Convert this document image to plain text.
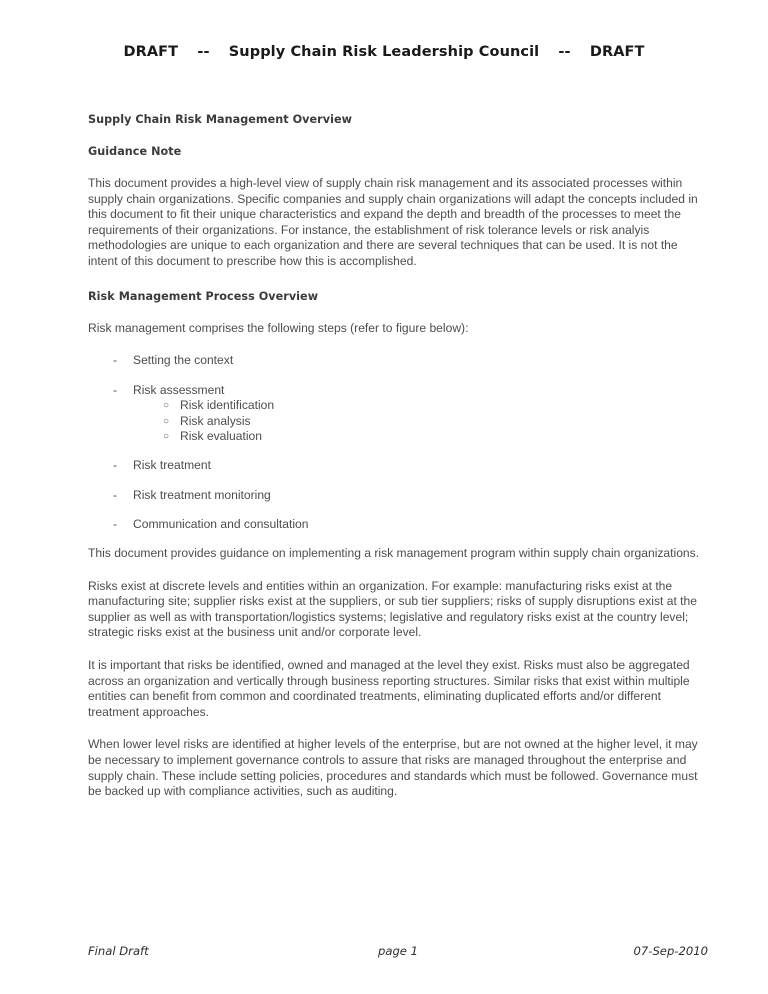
DRAFT -- Supply Chain Risk Leadership Council -- DRAFT
Supply Chain Risk Management Overview
Guidance Note

This document provides a high-level view of supply chain risk management and its associated processes within supply chain organizations. Specific companies and supply chain organizations will adapt the concepts included in this document to fit their unique characteristics and expand the depth and breadth of the processes to meet the requirements of their organizations. For instance, the establishment of risk tolerance levels or risk analyis methodologies are unique to each organization and there are several techniques that can be used. It is not the intent of this document to prescribe how this is accomplished.

Risk Management Process Overview

Risk management comprises the following steps (refer to figure below):

- Setting the context
- Risk assessment
○ Risk identification
○ Risk analysis
○ Risk evaluation
- Risk treatment
- Risk treatment monitoring
- Communication and consultation

This document provides guidance on implementing a risk management program within supply chain organizations.

Risks exist at discrete levels and entities within an organization. For example: manufacturing risks exist at the manufacturing site; supplier risks exist at the suppliers, or sub tier suppliers; risks of supply disruptions exist at the supplier as well as with transportation/logistics systems; legislative and regulatory risks exist at the country level; strategic risks exist at the business unit and/or corporate level.

It is important that risks be identified, owned and managed at the level they exist. Risks must also be aggregated across an organization and vertically through business reporting structures. Similar risks that exist within multiple entities can benefit from common and coordinated treatments, eliminating duplicated efforts and/or different treatment approaches.

When lower level risks are identified at higher levels of the enterprise, but are not owned at the higher level, it may be necessary to implement governance controls to assure that risks are managed throughout the enterprise and supply chain. These include setting policies, procedures and standards which must be followed. Governance must be backed up with compliance activities, such as auditing.

Final Draft	page 1	07-Sep-2010
